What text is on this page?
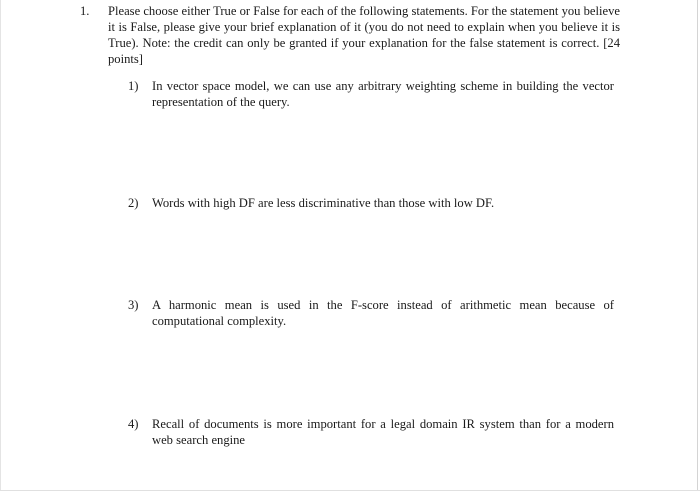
1. Please choose either True or False for each of the following statements. For the statement you believe it is False, please give your brief explanation of it (you do not need to explain when you believe it is True). Note: the credit can only be granted if your explanation for the false statement is correct. [24 points]
1) In vector space model, we can use any arbitrary weighting scheme in building the vector representation of the query.
2) Words with high DF are less discriminative than those with low DF.
3) A harmonic mean is used in the F-score instead of arithmetic mean because of computational complexity.
4) Recall of documents is more important for a legal domain IR system than for a modern web search engine
